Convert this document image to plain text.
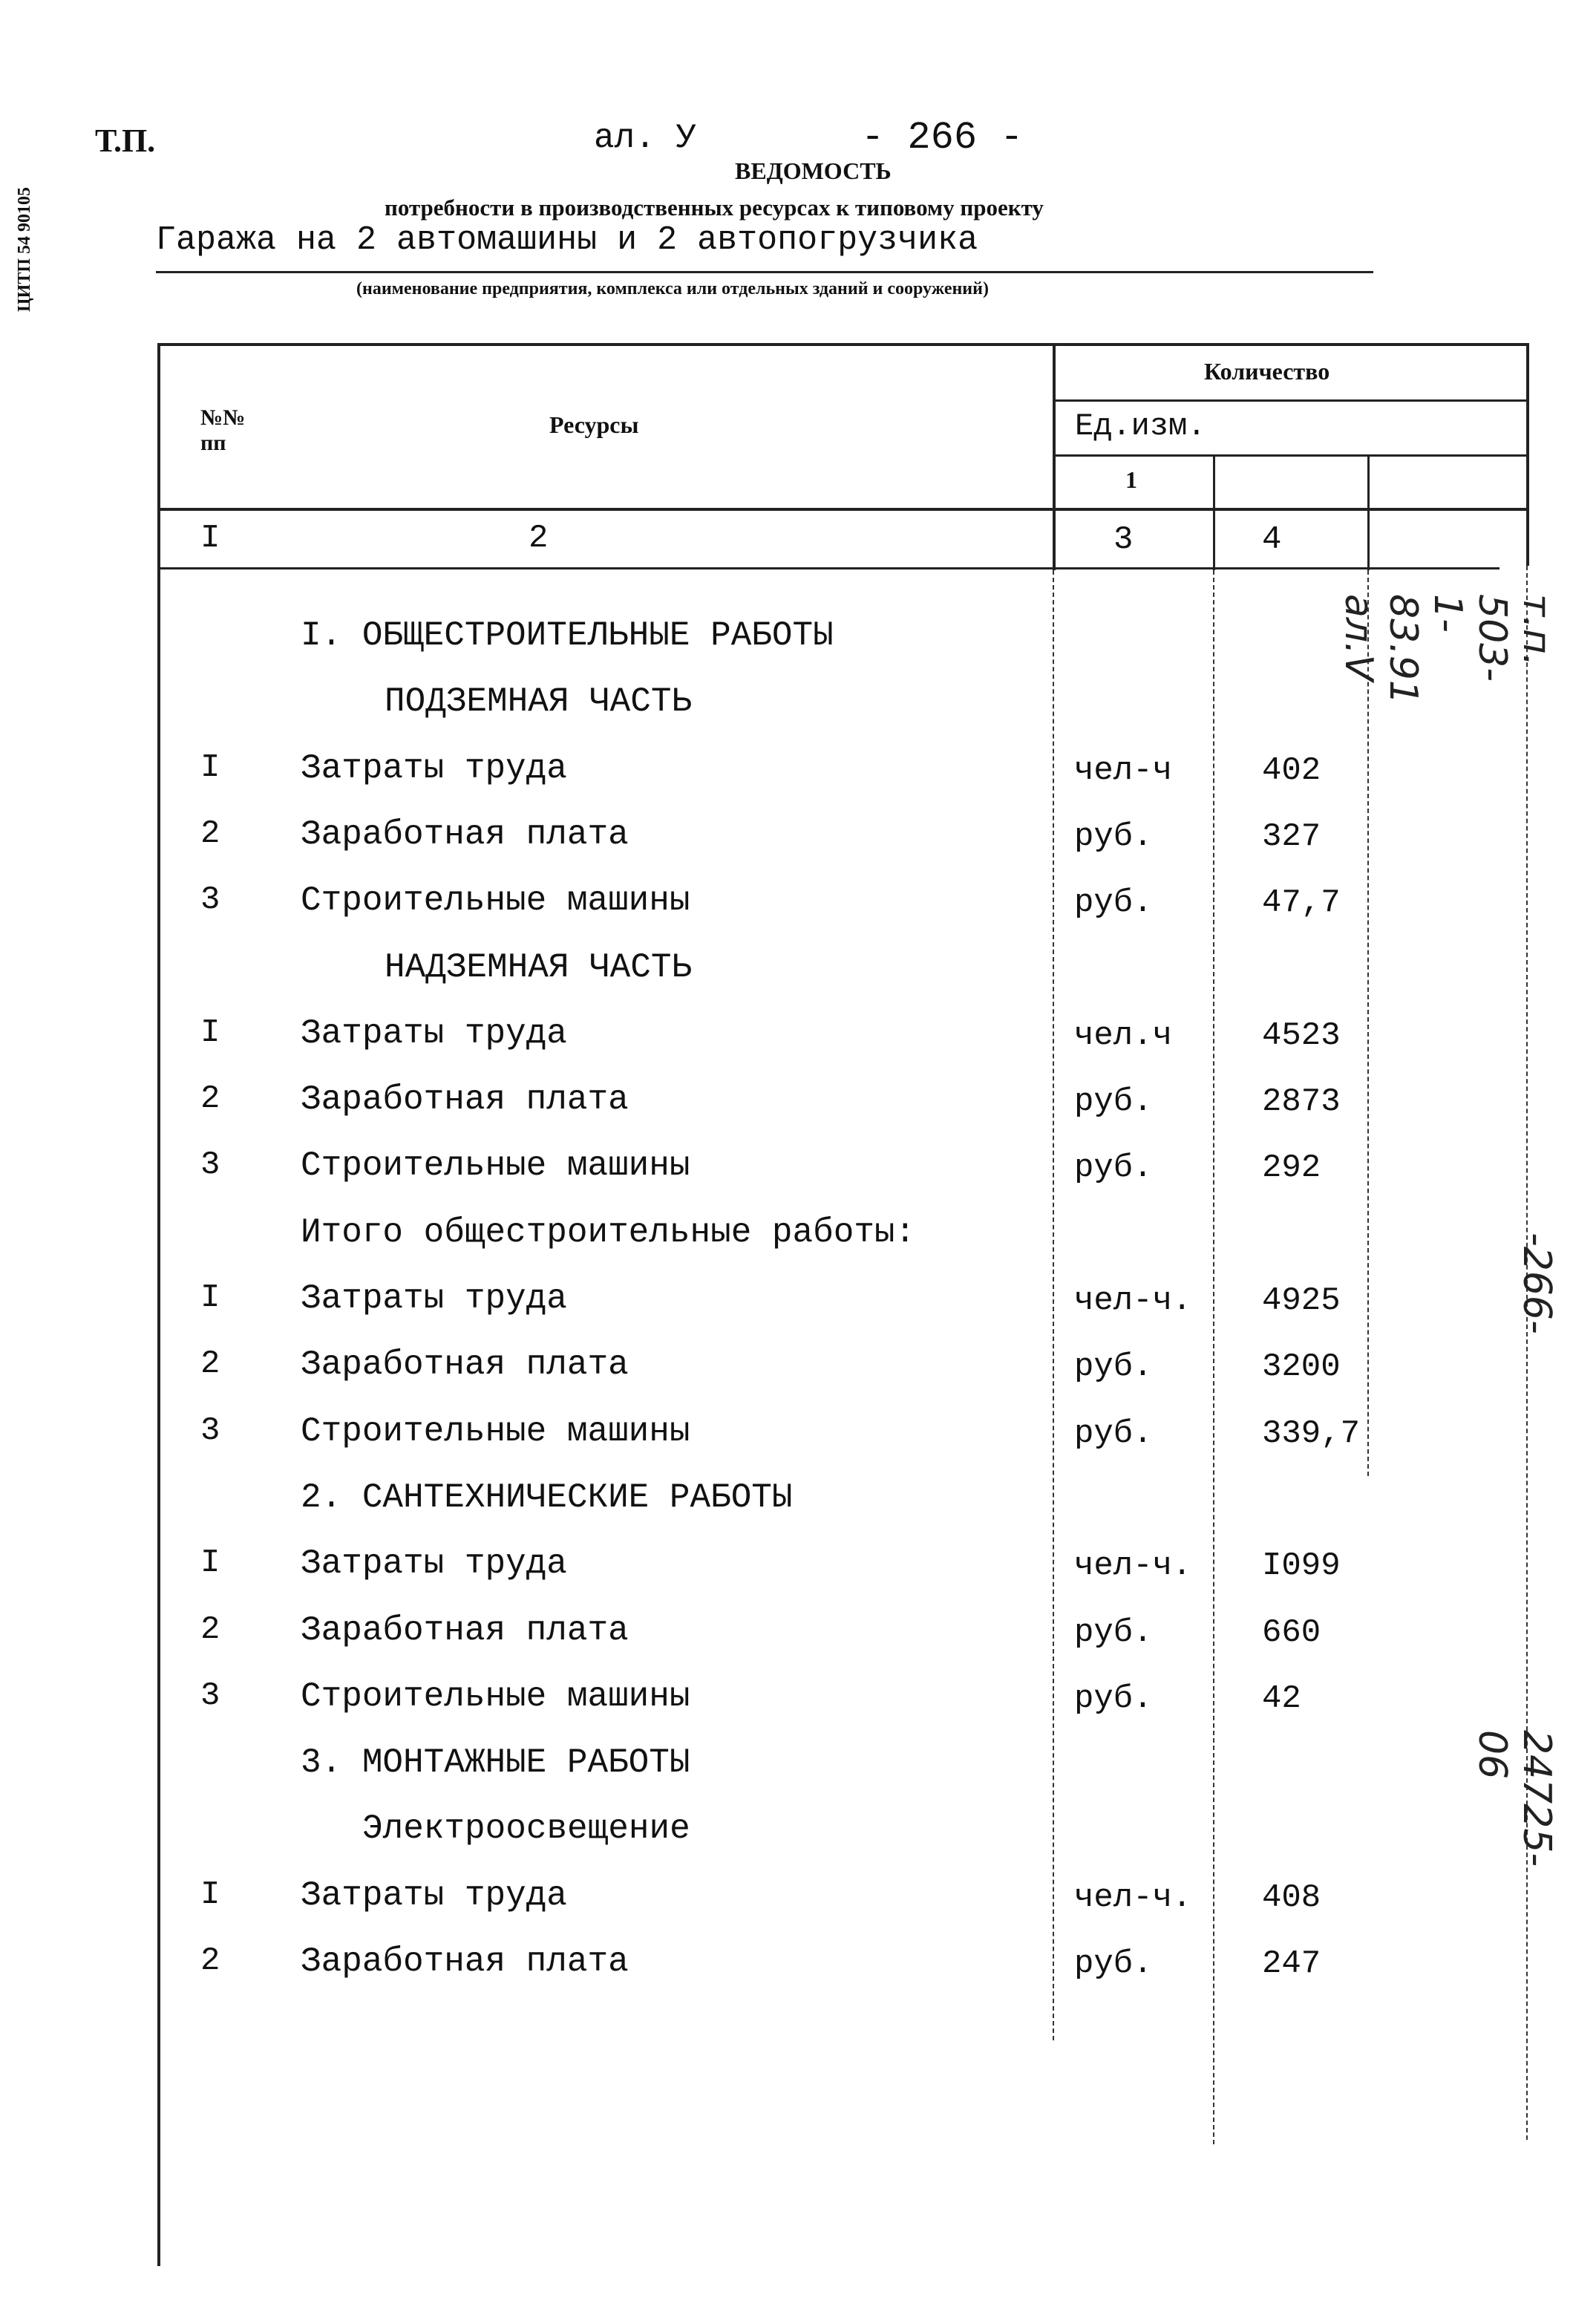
Т.П.	ал. У	- 266 -
ВЕДОМОСТЬ
потребности в производственных ресурсах к типовому проекту
Гаража на 2 автомашины и 2 автопогрузчика
(наименование предприятия, комплекса или отдельных зданий и сооружений)
ЦИТП 54 90105
№№ пп
Ресурсы
Количество
Ед.изм.
1
I	2	3	4
I. ОБЩЕСТРОИТЕЛЬНЫЕ РАБОТЫ
ПОДЗЕМНАЯ ЧАСТЬ
I Затраты труда	чел-ч	402
2 Заработная плата	руб.	327
3 Строительные машины	руб.	47,7
НАДЗЕМНАЯ ЧАСТЬ
I Затраты труда	чел.ч	4523
2 Заработная плата	руб.	2873
3 Строительные машины	руб.	292
Итого общестроительные работы:
I Затраты труда	чел-ч. 4925
2 Заработная плата	руб.	3200
3 Строительные машины	руб.	339,7
2. САНТЕХНИЧЕСКИЕ РАБОТЫ
I Затраты труда	чел-ч. I099
2 Заработная плата	руб.	660
3 Строительные машины	руб.	42
3. МОНТАЖНЫЕ РАБОТЫ
Электроосвещение
I Затраты труда	чел-ч. 408
2 Заработная плата	руб.	247
т.п. 503-1-83.91 ал.V
-266-
24725-06
